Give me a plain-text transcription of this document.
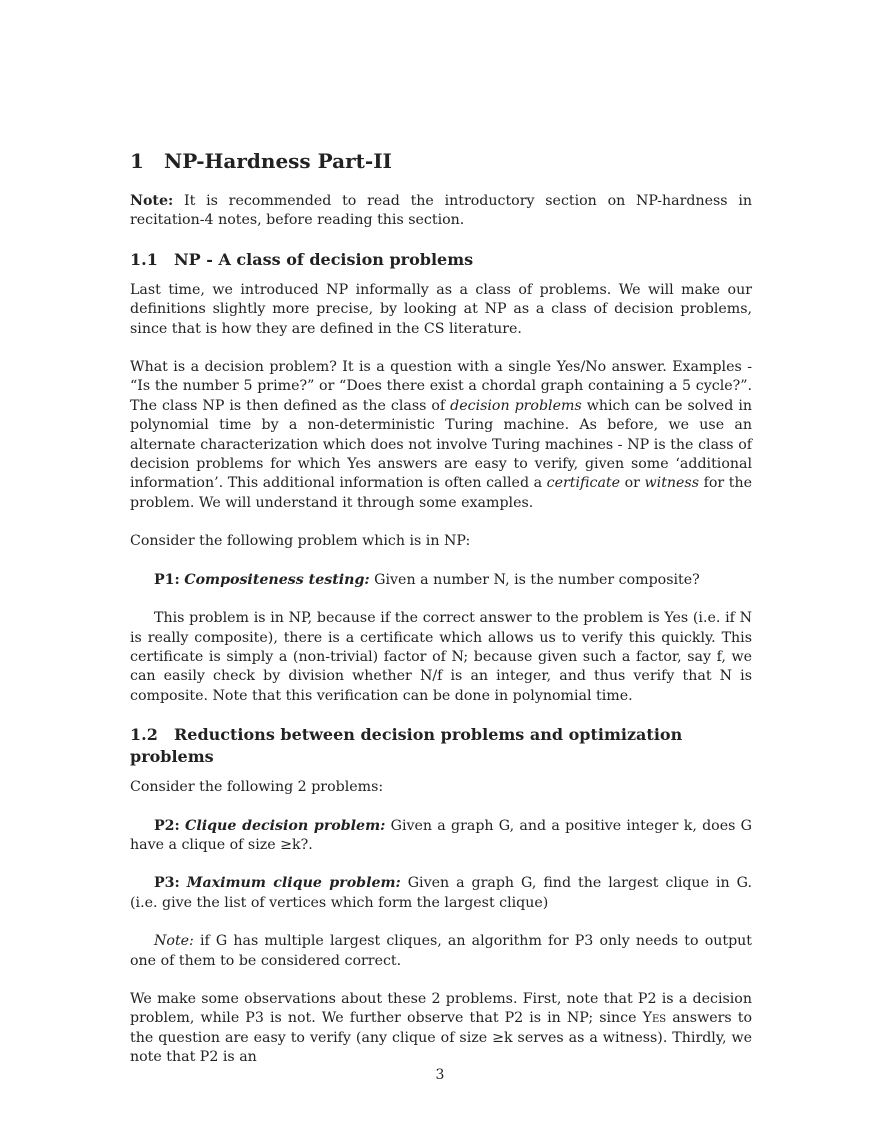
1 NP-Hardness Part-II

Note: It is recommended to read the introductory section on NP-hardness in recitation-4 notes, before reading this section.

1.1 NP - A class of decision problems

Last time, we introduced NP informally as a class of problems. We will make our definitions slightly more precise, by looking at NP as a class of decision problems, since that is how they are defined in the CS literature.

What is a decision problem? It is a question with a single Yes/No answer. Examples - “Is the number 5 prime?” or “Does there exist a chordal graph containing a 5 cycle?”. The class NP is then defined as the class of decision problems which can be solved in polynomial time by a non-deterministic Turing machine. As before, we use an alternate characterization which does not involve Turing machines - NP is the class of decision problems for which Yes answers are easy to verify, given some ‘additional information’. This additional information is often called a certificate or witness for the problem. We will understand it through some examples.

Consider the following problem which is in NP:

P1: Compositeness testing: Given a number N, is the number composite?

This problem is in NP, because if the correct answer to the problem is Yes (i.e. if N is really composite), there is a certificate which allows us to verify this quickly. This certificate is simply a (non-trivial) factor of N; because given such a factor, say f, we can easily check by division whether N/f is an integer, and thus verify that N is composite. Note that this verification can be done in polynomial time.

1.2 Reductions between decision problems and optimization problems

Consider the following 2 problems:

P2: Clique decision problem: Given a graph G, and a positive integer k, does G have a clique of size ≥k?.

P3: Maximum clique problem: Given a graph G, find the largest clique in G. (i.e. give the list of vertices which form the largest clique)

Note: if G has multiple largest cliques, an algorithm for P3 only needs to output one of them to be considered correct.

We make some observations about these 2 problems. First, note that P2 is a decision problem, while P3 is not. We further observe that P2 is in NP; since Yes answers to the question are easy to verify (any clique of size ≥k serves as a witness). Thirdly, we note that P2 is an

3
